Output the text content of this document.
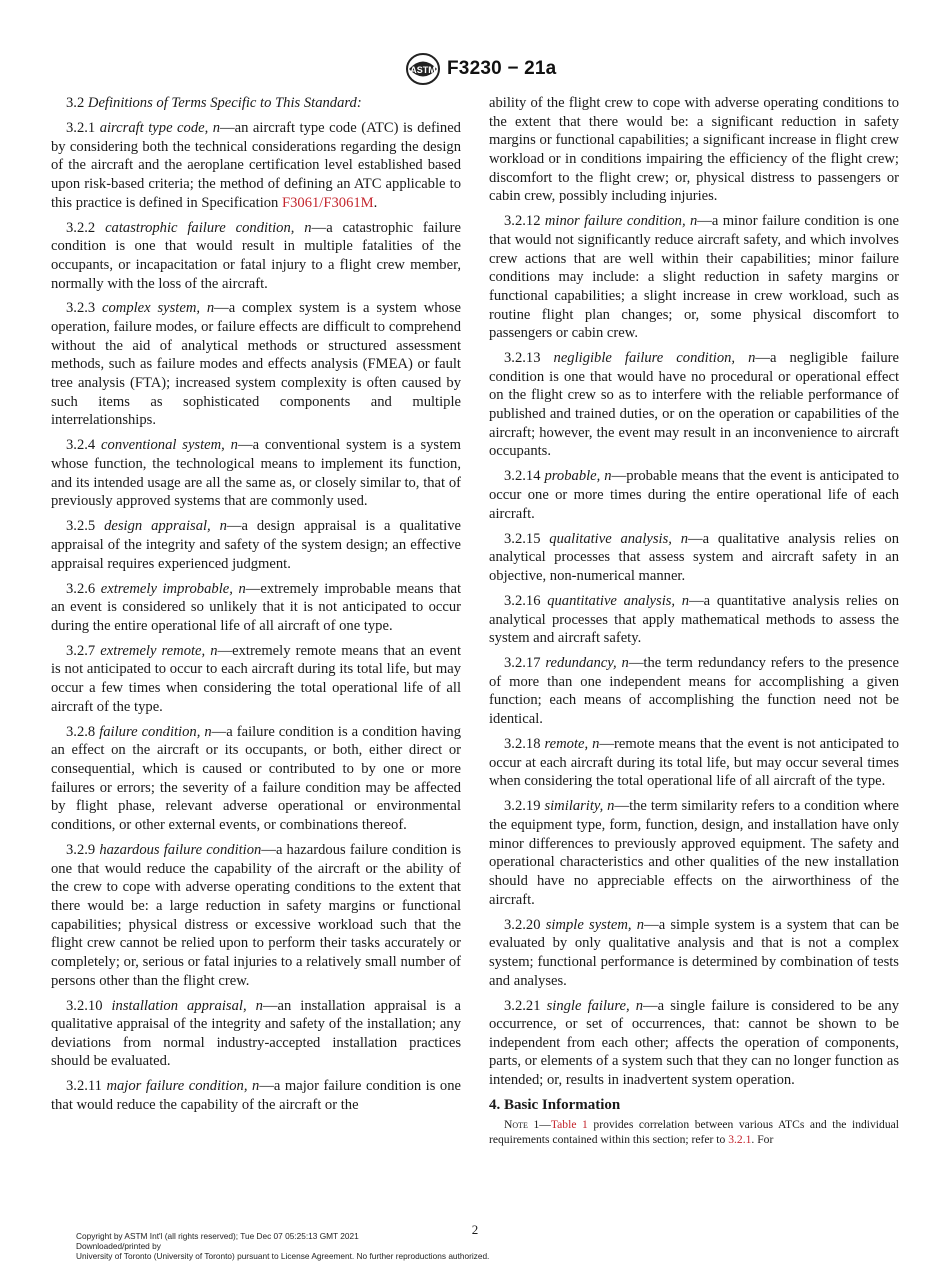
ASTM F3230 − 21a

3.2 Definitions of Terms Specific to This Standard:

3.2.1 aircraft type code, n—an aircraft type code (ATC) is defined by considering both the technical considerations regarding the design of the aircraft and the aeroplane certification level established based upon risk-based criteria; the method of defining an ATC applicable to this practice is defined in Specification F3061/F3061M.

3.2.2 catastrophic failure condition, n—a catastrophic failure condition is one that would result in multiple fatalities of the occupants, or incapacitation or fatal injury to a flight crew member, normally with the loss of the aircraft.

3.2.3 complex system, n—a complex system is a system whose operation, failure modes, or failure effects are difficult to comprehend without the aid of analytical methods or structured assessment methods, such as failure modes and effects analysis (FMEA) or fault tree analysis (FTA); increased system complexity is often caused by such items as sophisticated components and multiple interrelationships.

3.2.4 conventional system, n—a conventional system is a system whose function, the technological means to implement its function, and its intended usage are all the same as, or closely similar to, that of previously approved systems that are commonly used.

3.2.5 design appraisal, n—a design appraisal is a qualitative appraisal of the integrity and safety of the system design; an effective appraisal requires experienced judgment.

3.2.6 extremely improbable, n—extremely improbable means that an event is considered so unlikely that it is not anticipated to occur during the entire operational life of all aircraft of one type.

3.2.7 extremely remote, n—extremely remote means that an event is not anticipated to occur to each aircraft during its total life, but may occur a few times when considering the total operational life of all aircraft of the type.

3.2.8 failure condition, n—a failure condition is a condition having an effect on the aircraft or its occupants, or both, either direct or consequential, which is caused or contributed to by one or more failures or errors; the severity of a failure condition may be affected by flight phase, relevant adverse operational or environmental conditions, or other external events, or combinations thereof.

3.2.9 hazardous failure condition—a hazardous failure condition is one that would reduce the capability of the aircraft or the ability of the crew to cope with adverse operating conditions to the extent that there would be: a large reduction in safety margins or functional capabilities; physical distress or excessive workload such that the flight crew cannot be relied upon to perform their tasks accurately or completely; or, serious or fatal injuries to a relatively small number of persons other than the flight crew.

3.2.10 installation appraisal, n—an installation appraisal is a qualitative appraisal of the integrity and safety of the installation; any deviations from normal industry-accepted installation practices should be evaluated.

3.2.11 major failure condition, n—a major failure condition is one that would reduce the capability of the aircraft or the

ability of the flight crew to cope with adverse operating conditions to the extent that there would be: a significant reduction in safety margins or functional capabilities; a significant increase in flight crew workload or in conditions impairing the efficiency of the flight crew; discomfort to the flight crew; or, physical distress to passengers or cabin crew, possibly including injuries.

3.2.12 minor failure condition, n—a minor failure condition is one that would not significantly reduce aircraft safety, and which involves crew actions that are well within their capabilities; minor failure conditions may include: a slight reduction in safety margins or functional capabilities; a slight increase in crew workload, such as routine flight plan changes; or, some physical discomfort to passengers or cabin crew.

3.2.13 negligible failure condition, n—a negligible failure condition is one that would have no procedural or operational effect on the flight crew so as to interfere with the reliable performance of published and trained duties, or on the operation or capabilities of the aircraft; however, the event may result in an inconvenience to aircraft occupants.

3.2.14 probable, n—probable means that the event is anticipated to occur one or more times during the entire operational life of each aircraft.

3.2.15 qualitative analysis, n—a qualitative analysis relies on analytical processes that assess system and aircraft safety in an objective, non-numerical manner.

3.2.16 quantitative analysis, n—a quantitative analysis relies on analytical processes that apply mathematical methods to assess the system and aircraft safety.

3.2.17 redundancy, n—the term redundancy refers to the presence of more than one independent means for accomplishing a given function; each means of accomplishing the function need not be identical.

3.2.18 remote, n—remote means that the event is not anticipated to occur at each aircraft during its total life, but may occur several times when considering the total operational life of all aircraft of the type.

3.2.19 similarity, n—the term similarity refers to a condition where the equipment type, form, function, design, and installation have only minor differences to previously approved equipment. The safety and operational characteristics and other qualities of the new installation should have no appreciable effects on the airworthiness of the aircraft.

3.2.20 simple system, n—a simple system is a system that can be evaluated by only qualitative analysis and that is not a complex system; functional performance is determined by combination of tests and analyses.

3.2.21 single failure, n—a single failure is considered to be any occurrence, or set of occurrences, that: cannot be shown to be independent from each other; affects the operation of components, parts, or elements of a system such that they can no longer function as intended; or, results in inadvertent system operation.

4. Basic Information

Note 1—Table 1 provides correlation between various ATCs and the individual requirements contained within this section; refer to 3.2.1. For

2
Copyright by ASTM Int'l (all rights reserved); Tue Dec 07 05:25:13 GMT 2021
Downloaded/printed by
University of Toronto (University of Toronto) pursuant to License Agreement. No further reproductions authorized.
